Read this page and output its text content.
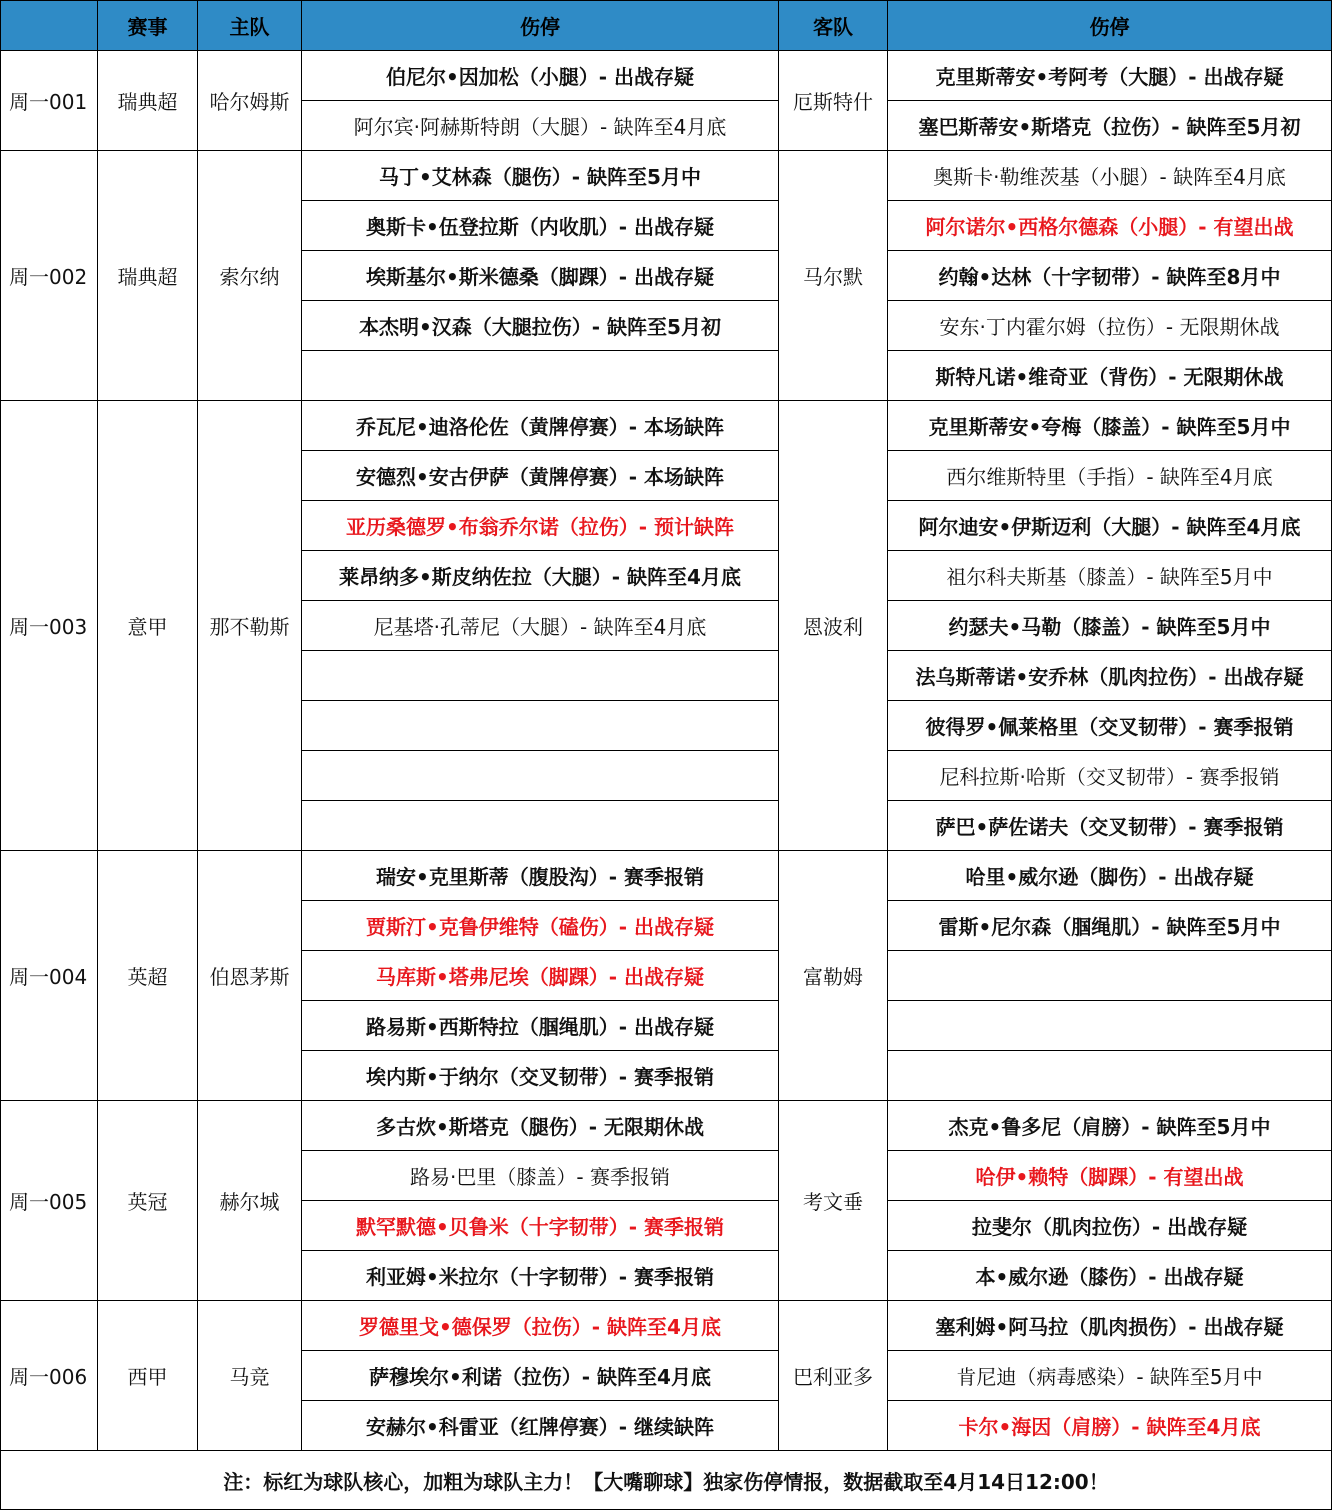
	赛事	主队	伤停	客队	伤停
周一001	瑞典超	哈尔姆斯	伯尼尔•因加松（小腿）- 出战存疑	厄斯特什	克里斯蒂安•考阿考（大腿）- 出战存疑
			阿尔宾·阿赫斯特朗（大腿）- 缺阵至4月底		塞巴斯蒂安•斯塔克（拉伤）- 缺阵至5月初
周一002	瑞典超	索尔纳	马丁•艾林森（腿伤）- 缺阵至5月中	马尔默	奥斯卡·勒维茨基（小腿）- 缺阵至4月底
			奥斯卡•伍登拉斯（内收肌）- 出战存疑		阿尔诺尔•西格尔德森（小腿）- 有望出战
			埃斯基尔•斯米德桑（脚踝）- 出战存疑		约翰•达林（十字韧带）- 缺阵至8月中
			本杰明•汉森（大腿拉伤）- 缺阵至5月初		安东·丁内霍尔姆（拉伤）- 无限期休战
					斯特凡诺•维奇亚（背伤）- 无限期休战
周一003	意甲	那不勒斯	乔瓦尼•迪洛伦佐（黄牌停赛）- 本场缺阵	恩波利	克里斯蒂安•夸梅（膝盖）- 缺阵至5月中
			安德烈•安古伊萨（黄牌停赛）- 本场缺阵		西尔维斯特里（手指）- 缺阵至4月底
			亚历桑德罗•布翁乔尔诺（拉伤）- 预计缺阵		阿尔迪安•伊斯迈利（大腿）- 缺阵至4月底
			莱昂纳多•斯皮纳佐拉（大腿）- 缺阵至4月底		祖尔科夫斯基（膝盖）- 缺阵至5月中
			尼基塔·孔蒂尼（大腿）- 缺阵至4月底		约瑟夫•马勒（膝盖）- 缺阵至5月中
					法乌斯蒂诺•安乔林（肌肉拉伤）- 出战存疑
					彼得罗•佩莱格里（交叉韧带）- 赛季报销
					尼科拉斯·哈斯（交叉韧带）- 赛季报销
					萨巴•萨佐诺夫（交叉韧带）- 赛季报销
周一004	英超	伯恩茅斯	瑞安•克里斯蒂（腹股沟）- 赛季报销	富勒姆	哈里•威尔逊（脚伤）- 出战存疑
			贾斯汀•克鲁伊维特（磕伤）- 出战存疑		雷斯•尼尔森（腘绳肌）- 缺阵至5月中
			马库斯•塔弗尼埃（脚踝）- 出战存疑		
			路易斯•西斯特拉（腘绳肌）- 出战存疑		
			埃内斯•于纳尔（交叉韧带）- 赛季报销		
周一005	英冠	赫尔城	多古炊•斯塔克（腿伤）- 无限期休战	考文垂	杰克•鲁多尼（肩膀）- 缺阵至5月中
			路易·巴里（膝盖）- 赛季报销		哈伊•赖特（脚踝）- 有望出战
			默罕默德•贝鲁米（十字韧带）- 赛季报销		拉斐尔（肌肉拉伤）- 出战存疑
			利亚姆•米拉尔（十字韧带）- 赛季报销		本•威尔逊（膝伤）- 出战存疑
周一006	西甲	马竞	罗德里戈•德保罗（拉伤）- 缺阵至4月底	巴利亚多	塞利姆•阿马拉（肌肉损伤）- 出战存疑
			萨穆埃尔•利诺（拉伤）- 缺阵至4月底		肯尼迪（病毒感染）- 缺阵至5月中
			安赫尔•科雷亚（红牌停赛）- 继续缺阵		卡尔•海因（肩膀）- 缺阵至4月底
注：标红为球队核心，加粗为球队主力！【大嘴聊球】独家伤停情报，数据截取至4月14日12:00！					
